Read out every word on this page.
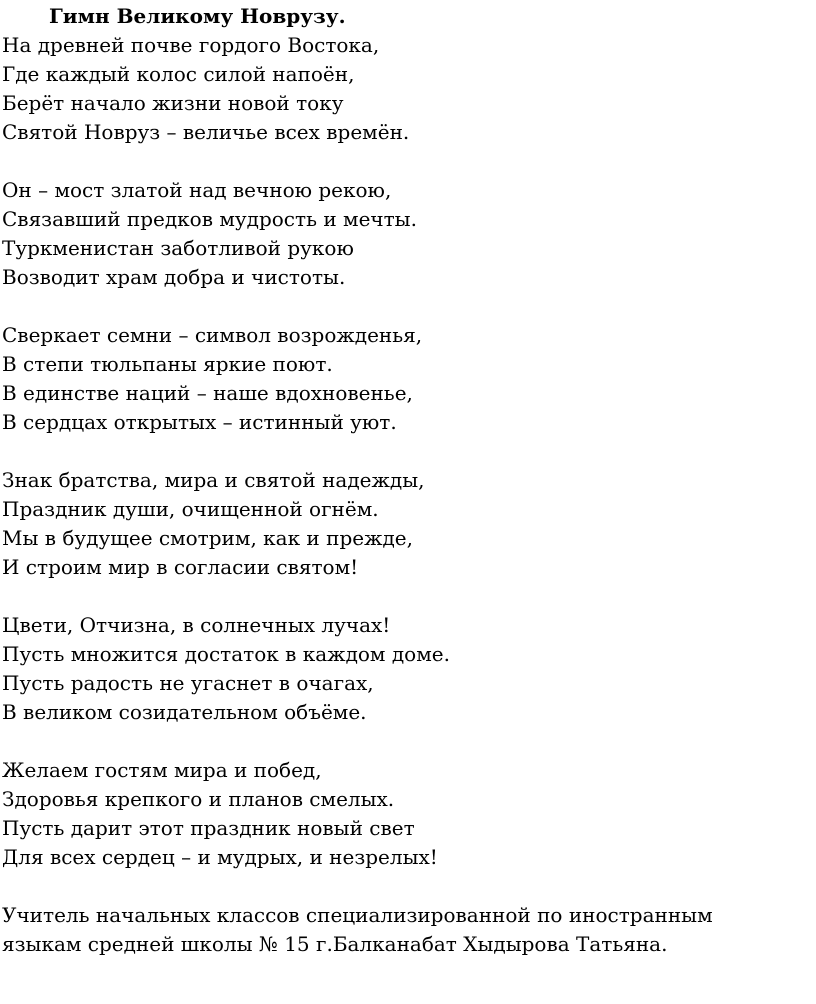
Гимн Великому Новрузу.
На древней почве гордого Востока,
Где каждый колос силой напоён,
Берёт начало жизни новой току
Святой Новруз – величье всех времён.
Он – мост златой над вечною рекою,
Связавший предков мудрость и мечты.
Туркменистан заботливой рукою
Возводит храм добра и чистоты.
Сверкает семни – символ возрожденья,
В степи тюльпаны яркие поют.
В единстве наций – наше вдохновенье,
В сердцах открытых – истинный уют.
Знак братства, мира и святой надежды,
Праздник души, очищенной огнём.
Мы в будущее смотрим, как и прежде,
И строим мир в согласии святом!
Цвети, Отчизна, в солнечных лучах!
Пусть множится достаток в каждом доме.
Пусть радость не угаснет в очагах,
В великом созидательном объёме.
Желаем гостям мира и побед,
Здоровья крепкого и планов смелых.
Пусть дарит этот праздник новый свет
Для всех сердец – и мудрых, и незрелых!
Учитель начальных классов специализированной по иностранным языкам средней школы № 15 г.Балканабат Хыдырова Татьяна.
